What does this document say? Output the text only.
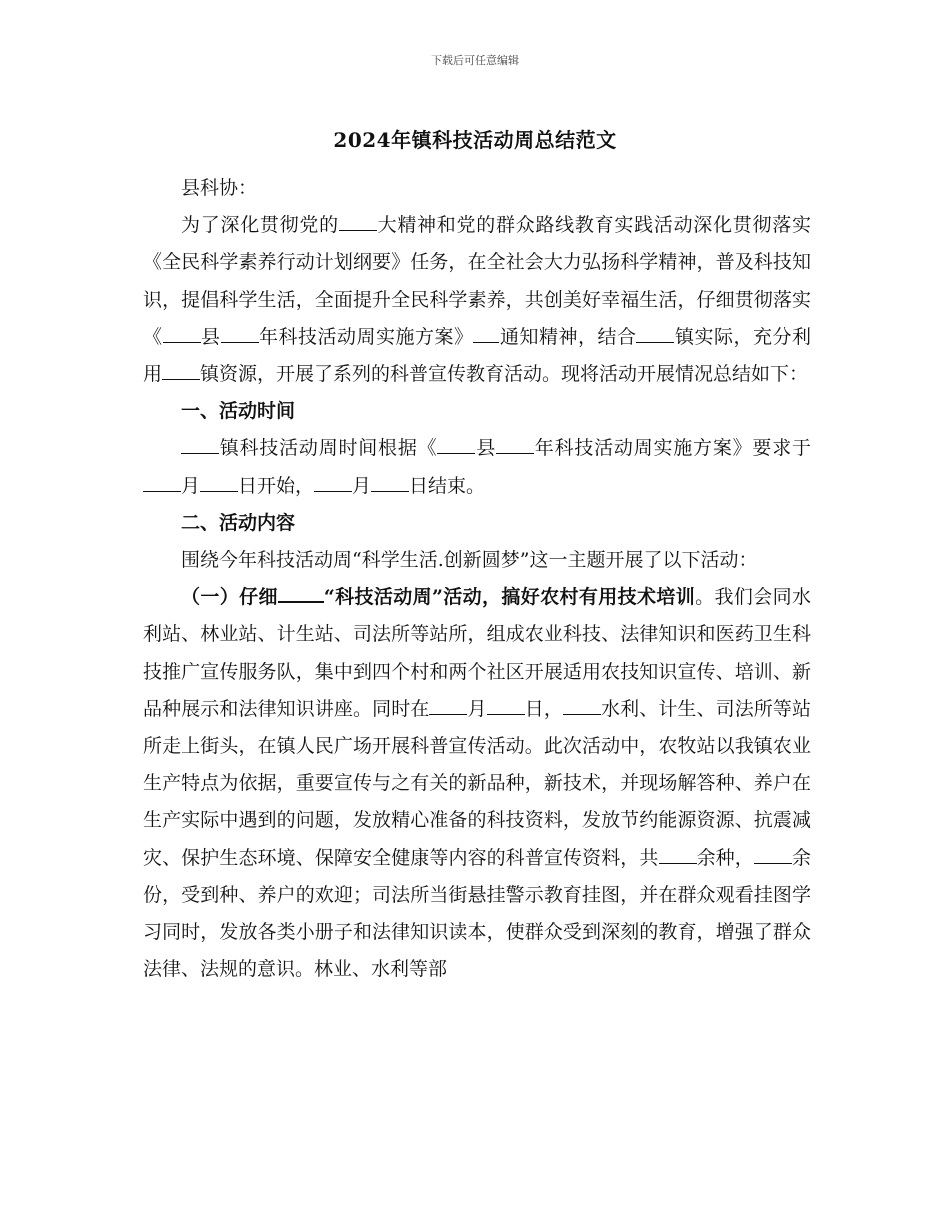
下载后可任意编辑
2024年镇科技活动周总结范文

县科协：

为了深化贯彻党的 大精神和党的群众路线教育实践活动深化贯彻落实《全民科学素养行动计划纲要》任务，在全社会大力弘扬科学精神，普及科技知识，提倡科学生活，全面提升全民科学素养，共创美好幸福生活，仔细贯彻落实《 县 年科技活动周实施方案》 通知精神，结合 镇实际，充分利用 镇资源，开展了系列的科普宣传教育活动。现将活动开展情况总结如下：

一、活动时间

镇科技活动周时间根据《 县 年科技活动周实施方案》要求于月 日开始， 月 日结束。

二、活动内容

围绕今年科技活动周“科学生活.创新圆梦”这一主题开展了以下活动：

（一）仔细 “科技活动周”活动，搞好农村有用技术培训。我们会同水利站、林业站、计生站、司法所等站所，组成农业科技、法律知识和医药卫生科技推广宣传服务队，集中到四个村和两个社区开展适用农技知识宣传、培训、新品种展示和法律知识讲座。同时在 月 日， 水利、计生、司法所等站所走上街头，在镇人民广场开展科普宣传活动。此次活动中，农牧站以我镇农业生产特点为依据，重要宣传与之有关的新品种，新技术，并现场解答种、养户在生产实际中遇到的问题，发放精心准备的科技资料，发放节约能源资源、抗震减灾、保护生态环境、保障安全健康等内容的科普宣传资料，共 余种， 余份，受到种、养户的欢迎；司法所当街悬挂警示教育挂图，并在群众观看挂图学习同时，发放各类小册子和法律知识读本，使群众受到深刻的教育，增强了群众法律、法规的意识。林业、水利等部
